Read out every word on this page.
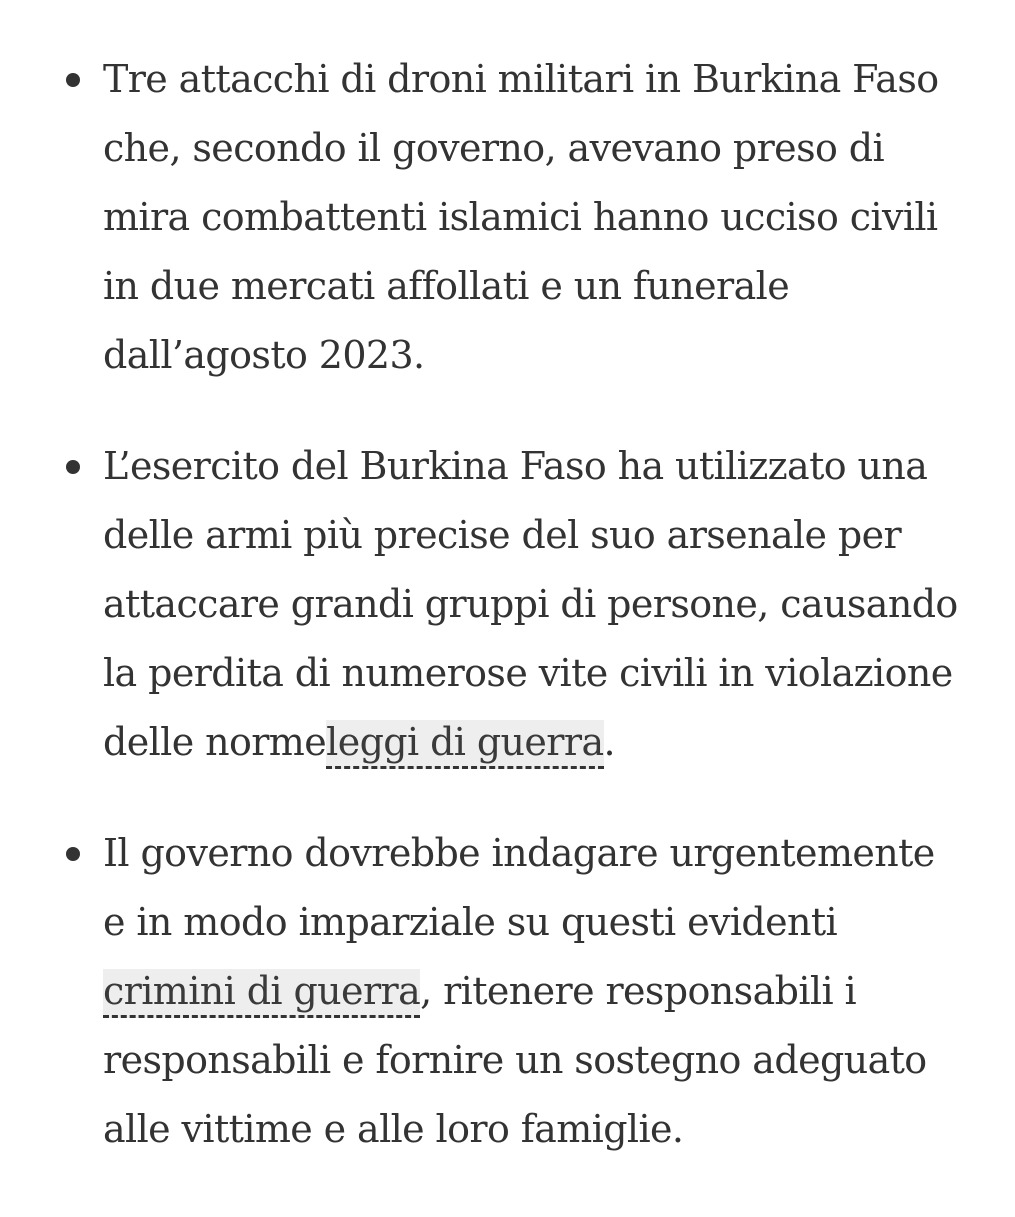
Tre attacchi di droni militari in Burkina Faso che, secondo il governo, avevano preso di mira combattenti islamici hanno ucciso civili in due mercati affollati e un funerale dall’agosto 2023.
L’esercito del Burkina Faso ha utilizzato una delle armi più precise del suo arsenale per attaccare grandi gruppi di persone, causando la perdita di numerose vite civili in violazione delle normeleggi di guerra.
Il governo dovrebbe indagare urgentemente e in modo imparziale su questi evidenti crimini di guerra, ritenere responsabili i responsabili e fornire un sostegno adeguato alle vittime e alle loro famiglie.
